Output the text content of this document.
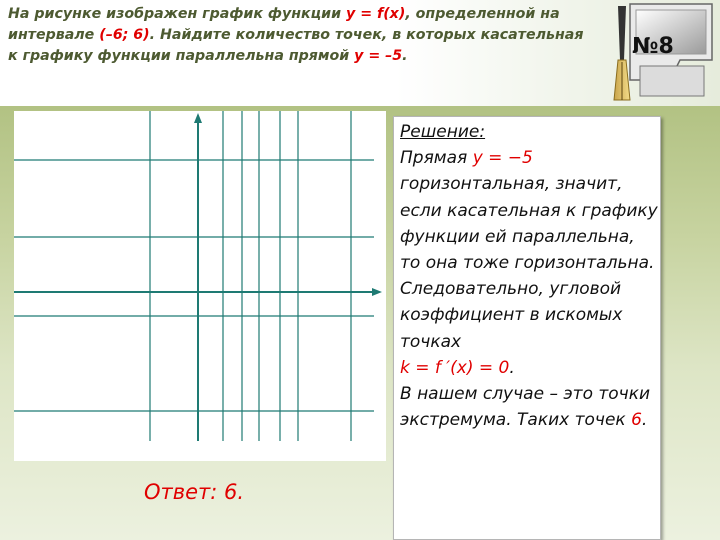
На рисунке изображен график функции y = f(x), определенной на интервале (–6; 6). Найдите количество точек, в которых касательная к графику функции параллельна прямой y = –5.	№8
Решение:
Прямая y = −5 горизонтальная, значит, если касательная к графику функции ей параллельна, то она тоже горизонтальна. Следовательно, угловой коэффициент в искомых точках
k = f ′(x) = 0.
В нашем случае – это точки экстремума. Таких точек 6.
Ответ: 6.
